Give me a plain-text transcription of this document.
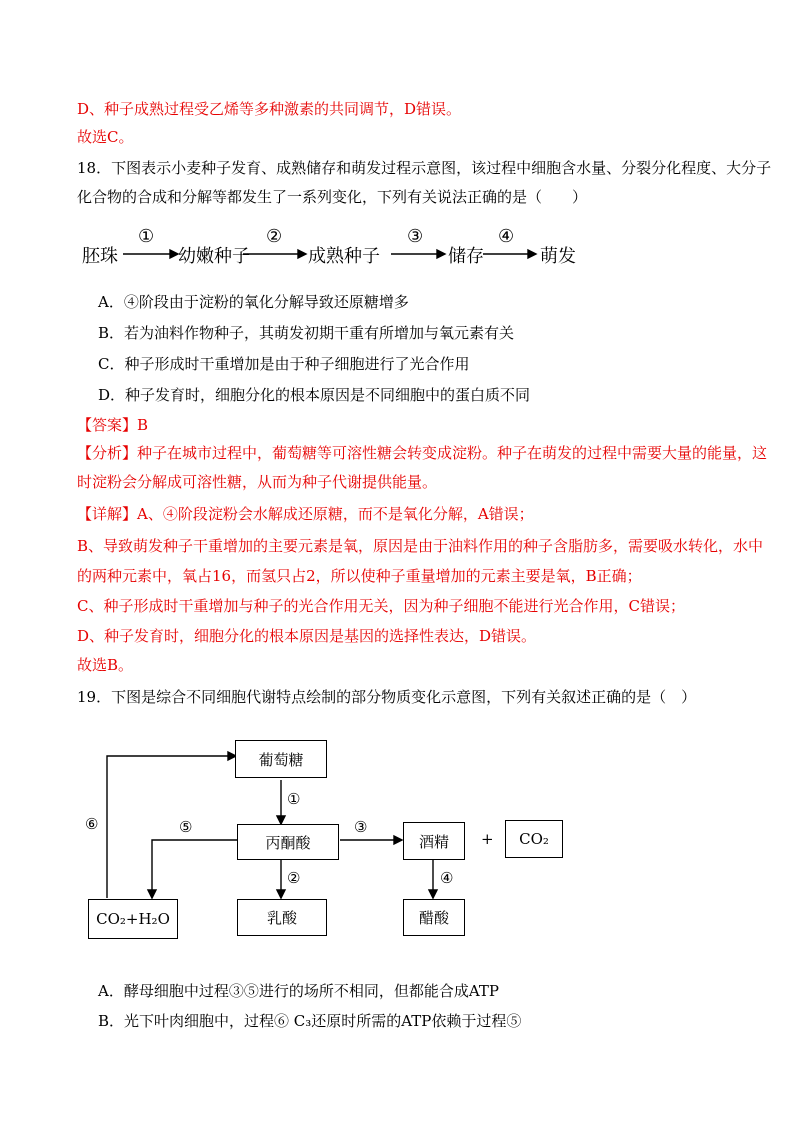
D、种子成熟过程受乙烯等多种激素的共同调节，D错误。
故选C。
18．下图表示小麦种子发育、成熟储存和萌发过程示意图，该过程中细胞含水量、分裂分化程度、大分子
化合物的合成和分解等都发生了一系列变化，下列有关说法正确的是（　　）
胚珠	幼嫩种子	成熟种子	储存	萌发
①	②	③	④
A．④阶段由于淀粉的氧化分解导致还原糖增多
B．若为油料作物种子，其萌发初期干重有所增加与氧元素有关
C．种子形成时干重增加是由于种子细胞进行了光合作用
D．种子发育时，细胞分化的根本原因是不同细胞中的蛋白质不同
【答案】B
【分析】种子在城市过程中，葡萄糖等可溶性糖会转变成淀粉。种子在萌发的过程中需要大量的能量，这
时淀粉会分解成可溶性糖，从而为种子代谢提供能量。
【详解】A、④阶段淀粉会水解成还原糖，而不是氧化分解，A错误；
B、导致萌发种子干重增加的主要元素是氧，原因是由于油料作用的种子含脂肪多，需要吸水转化，水中
的两种元素中，氧占16，而氢只占2，所以使种子重量增加的元素主要是氧，B正确；
C、种子形成时干重增加与种子的光合作用无关，因为种子细胞不能进行光合作用，C错误；
D、种子发育时，细胞分化的根本原因是基因的选择性表达，D错误。
故选B。
19．下图是综合不同细胞代谢特点绘制的部分物质变化示意图，下列有关叙述正确的是（　）
葡萄糖
丙酮酸	酒精	CO₂
CO₂+H₂O	乳酸	醋酸
+
①
②
③
④
⑤
⑥
A．酵母细胞中过程③⑤进行的场所不相同，但都能合成ATP
B．光下叶肉细胞中，过程⑥ C₃还原时所需的ATP依赖于过程⑤
